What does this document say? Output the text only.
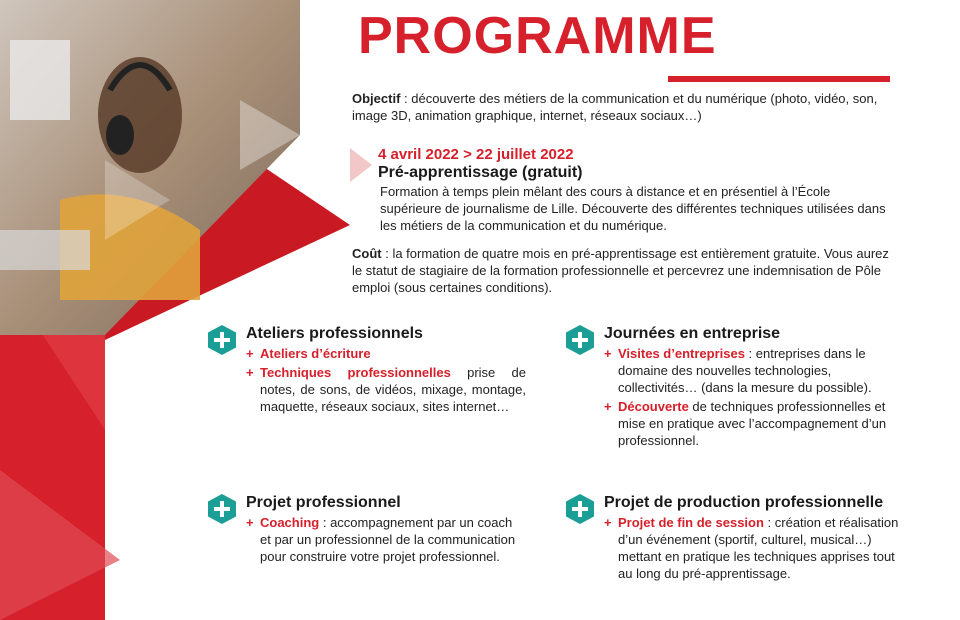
PROGRAMME
Objectif : découverte des métiers de la communication et du numérique (photo, vidéo, son, image 3D, animation graphique, internet, réseaux sociaux…)
4 avril 2022 > 22 juillet 2022
Pré-apprentissage (gratuit)
Formation à temps plein mêlant des cours à distance et en présentiel à l’École supérieure de journalisme de Lille. Découverte des différentes techniques utilisées dans les métiers de la communication et du numérique.
Coût : la formation de quatre mois en pré-apprentissage est entièrement gratuite. Vous aurez le statut de stagiaire de la formation professionnelle et percevrez une indemnisation de Pôle emploi (sous certaines conditions).
Ateliers professionnels
+ Ateliers d’écriture
+ Techniques professionnelles prise de notes, de sons, de vidéos, mixage, montage, maquette, réseaux sociaux, sites internet…
Journées en entreprise
+ Visites d’entreprises : entreprises dans le domaine des nouvelles technologies, collectivités… (dans la mesure du possible).
+ Découverte de techniques professionnelles et mise en pratique avec l’accompagnement d’un professionnel.
Projet professionnel
+ Coaching : accompagnement par un coach et par un professionnel de la communication pour construire votre projet professionnel.
Projet de production professionnelle
+ Projet de fin de session : création et réalisation d’un événement (sportif, culturel, musical…) mettant en pratique les techniques apprises tout au long du pré-apprentissage.
